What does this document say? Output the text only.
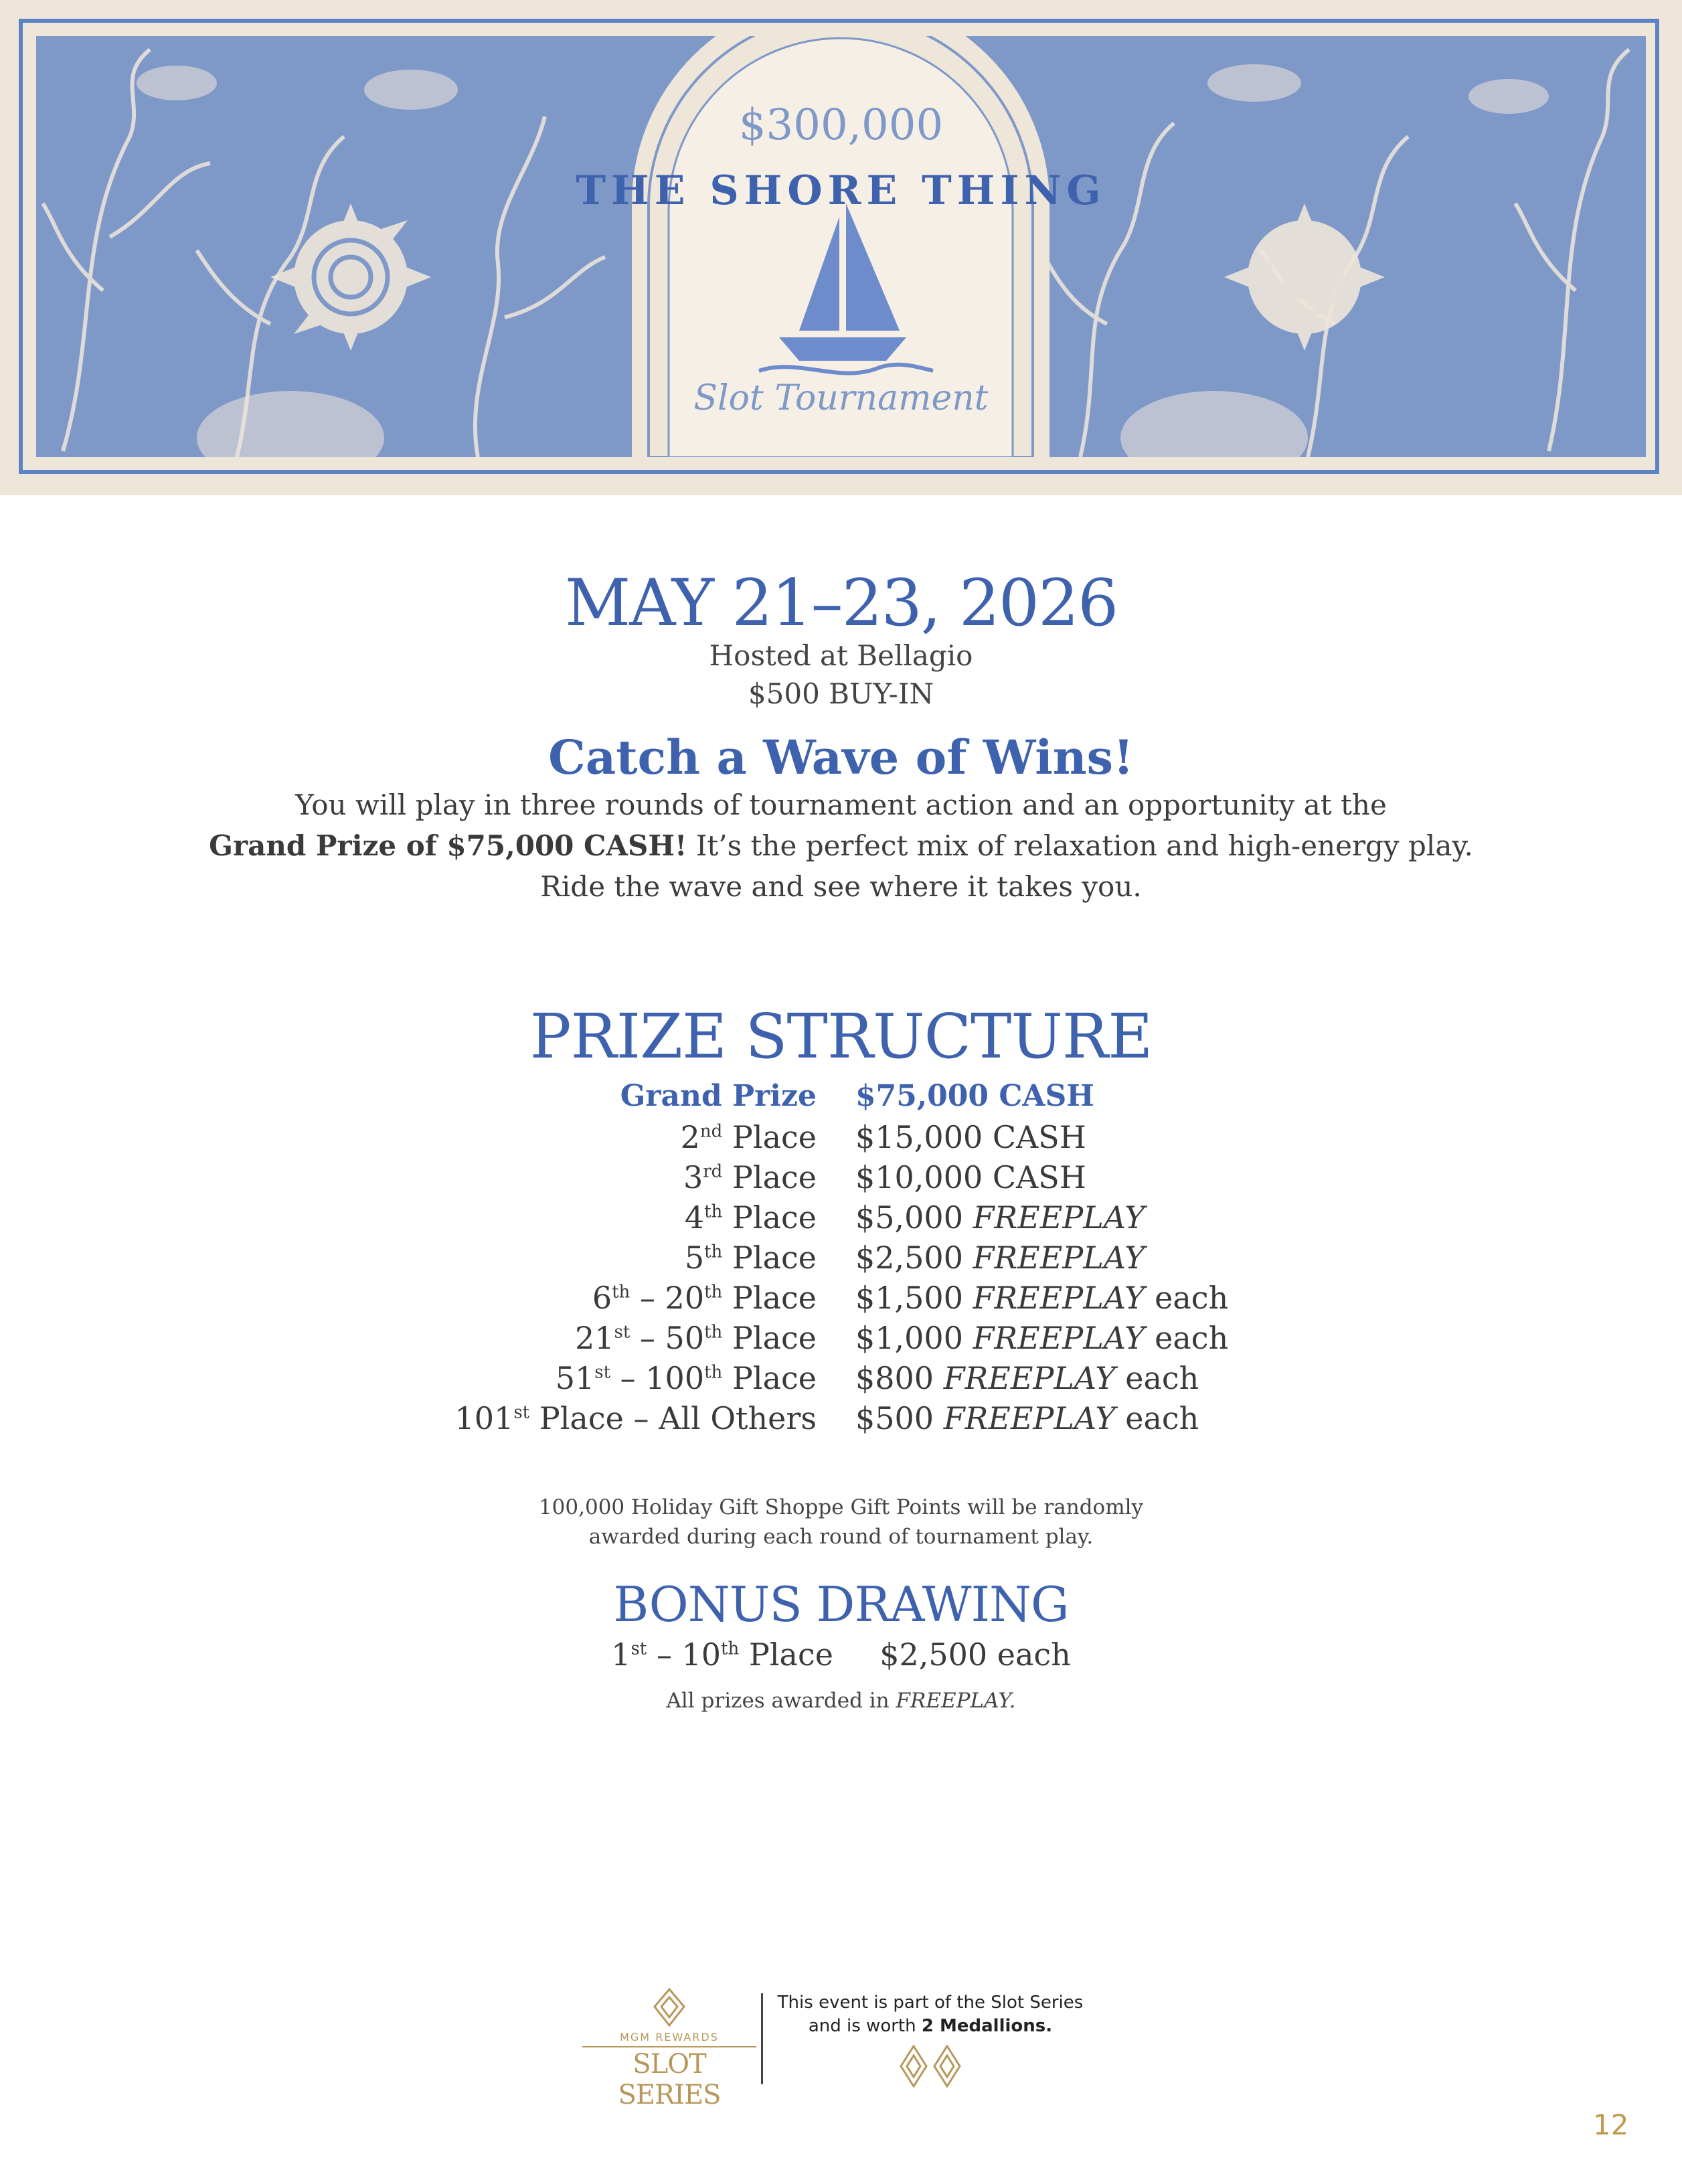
$300,000
THE SHORE THING
Slot Tournament
MAY 21–23, 2026
Hosted at Bellagio
$500 BUY-IN
Catch a Wave of Wins!
You will play in three rounds of tournament action and an opportunity at the
Grand Prize of $75,000 CASH! It’s the perfect mix of relaxation and high-energy play.
Ride the wave and see where it takes you.
PRIZE STRUCTURE
Grand Prize $75,000 CASH
2nd Place $15,000 CASH
3rd Place $10,000 CASH
4th Place $5,000 FREEPLAY
5th Place $2,500 FREEPLAY
6th – 20th Place $1,500 FREEPLAY each
21st – 50th Place $1,000 FREEPLAY each
51st – 100th Place $800 FREEPLAY each
101st Place – All Others $500 FREEPLAY each
100,000 Holiday Gift Shoppe Gift Points will be randomly
awarded during each round of tournament play.
BONUS DRAWING
1st – 10th Place $2,500 each
All prizes awarded in FREEPLAY.
MGM REWARDS
SLOT SERIES
This event is part of the Slot Series
and is worth 2 Medallions.
12
